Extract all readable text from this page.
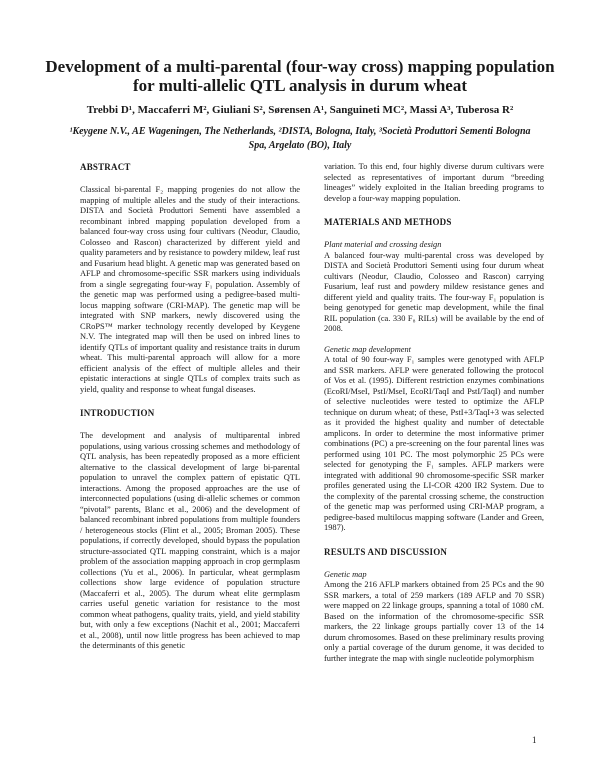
Development of a multi-parental (four-way cross) mapping population for multi-allelic QTL analysis in durum wheat
Trebbi D¹, Maccaferri M², Giuliani S², Sørensen A¹, Sanguineti MC², Massi A³, Tuberosa R²
¹Keygene N.V., AE Wageningen, The Netherlands, ²DISTA, Bologna, Italy, ³Società Produttori Sementi Bologna Spa, Argelato (BO), Italy
ABSTRACT

Classical bi-parental F₂ mapping progenies do not allow the mapping of multiple alleles and the study of their interactions. DISTA and Società Produttori Sementi have assembled a recombinant inbred mapping population developed from a balanced four-way cross using four cultivars (Neodur, Claudio, Colosseo and Rascon) characterized by different yield and quality parameters and by resistance to powdery mildew, leaf rust and Fusarium head blight. A genetic map was generated based on AFLP and chromosome-specific SSR markers using individuals from a single segregating four-way F₁ population. Assembly of the genetic map was performed using a pedigree-based multi-locus mapping software (CRI-MAP). The genetic map will be integrated with SNP markers, newly discovered using the CRoPS™ marker technology recently developed by Keygene N.V. The integrated map will then be used on inbred lines to identify QTLs of important quality and resistance traits in durum wheat. This multi-parental approach will allow for a more efficient analysis of the effect of multiple alleles and their epistatic interactions at single QTLs of complex traits such as yield, quality and response to wheat fungal diseases.

INTRODUCTION

The development and analysis of multiparental inbred populations, using various crossing schemes and methodology of QTL analysis, has been repeatedly proposed as a more efficient alternative to the classical development of large bi-parental population to unravel the complex pattern of epistatic QTL interactions. Among the proposed approaches are the use of interconnected populations (using di-allelic schemes or common “pivotal” parents, Blanc et al., 2006) and the development of balanced recombinant inbred populations from multiple founders / heterogeneous stocks (Flint et al., 2005; Broman 2005). These populations, if correctly developed, should bypass the population structure-associated QTL mapping constraint, which is a major problem of the association mapping approach in crop germplasm collections (Yu et al., 2006). In particular, wheat germplasm collections show large evidence of population structure (Maccaferri et al., 2005). The durum wheat elite germplasm carries useful genetic variation for resistance to the most common wheat pathogens, quality traits, yield, and yield stability but, with only a few exceptions (Nachit et al., 2001; Maccaferri et al., 2008), until now little progress has been achieved to map the determinants of this genetic

variation. To this end, four highly diverse durum cultivars were selected as representatives of important durum “breeding lineages” widely exploited in the Italian breeding programs to develop a four-way mapping population.

MATERIALS AND METHODS
Plant material and crossing design

A balanced four-way multi-parental cross was developed by DISTA and Società Produttori Sementi using four durum wheat cultivars (Neodur, Claudio, Colosseo and Rascon) carrying Fusarium, leaf rust and powdery mildew resistance genes and different yield and quality traits. The four-way F₁ population is being genotyped for genetic map development, while the final RIL population (ca. 330 F₈ RILs) will be available by the end of 2008.

Genetic map development

A total of 90 four-way F₁ samples were genotyped with AFLP and SSR markers. AFLP were generated following the protocol of Vos et al. (1995). Different restriction enzymes combinations (EcoRI/MseI, PstI/MseI, EcoRI/TaqI and PstI/TaqI) and number of selective nucleotides were tested to optimize the AFLP technique on durum wheat; of these, PstI+3/TaqI+3 was selected as it provided the highest quality and number of detectable amplicons. In order to determine the most informative primer combinations (PC) a pre-screening on the four parental lines was performed using 101 PC. The most polymorphic 25 PCs were selected for genotyping the F₁ samples. AFLP markers were integrated with additional 90 chromosome-specific SSR marker profiles generated using the LI-COR 4200 IR2 System. Due to the complexity of the parental crossing scheme, the construction of the genetic map was performed using CRI-MAP program, a pedigree-based multilocus mapping software (Lander and Green, 1987).

RESULTS AND DISCUSSION
Genetic map

Among the 216 AFLP markers obtained from 25 PCs and the 90 SSR markers, a total of 259 markers (189 AFLP and 70 SSR) were mapped on 22 linkage groups, spanning a total of 1080 cM. Based on the information of the chromosome-specific SSR markers, the 22 linkage groups partially cover 13 of the 14 durum chromosomes. Based on these preliminary results proving only a partial coverage of the durum genome, it was decided to further integrate the map with single nucleotide polymorphism

1
